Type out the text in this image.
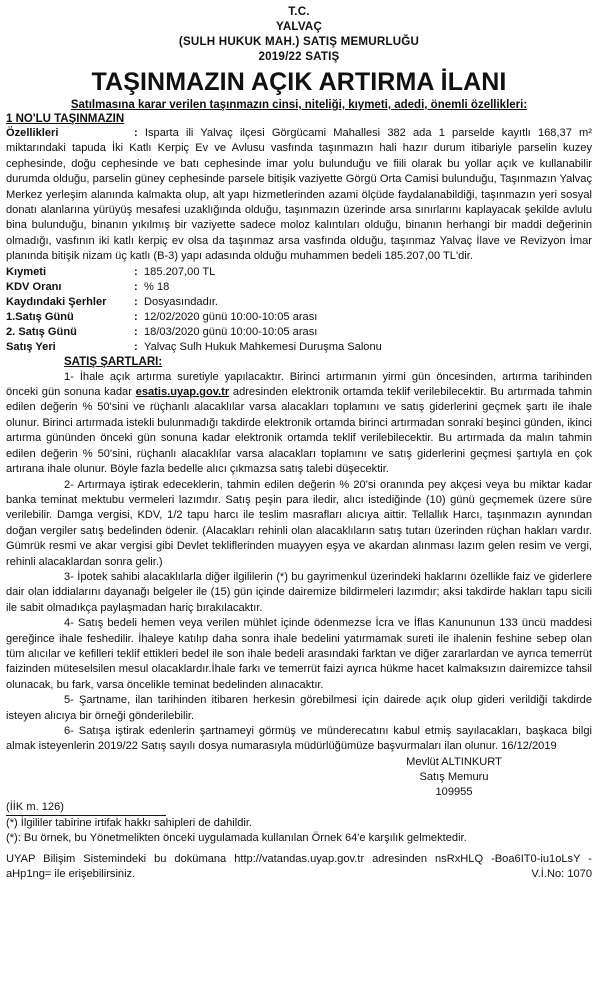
T.C.
YALVAÇ
(SULH HUKUK MAH.) SATIŞ MEMURLUĞU
2019/22 SATIŞ
TAŞINMAZIN AÇIK ARTIRMA İLANI
Satılmasına karar verilen taşınmazın cinsi, niteliği, kıymeti, adedi, önemli özellikleri:
1 NO'LU TAŞINMAZIN
Özellikleri	: Isparta ili Yalvaç ilçesi Görgücami Mahallesi 382 ada 1 parselde kayıtlı 168,37 m² miktarındaki tapuda İki Katlı Kerpiç Ev ve Avlusu vasfında taşınmazın hali hazır durum itibariyle parselin kuzey cephesinde, doğu cephesinde ve batı cephesinde imar yolu bulunduğu ve fiili olarak bu yollar açık ve kullanabilir durumda olduğu, parselin güney cephesinde parsele bitişik vaziyette Görgü Orta Camisi bulunduğu, Taşınmazın Yalvaç Merkez yerleşim alanında kalmakta olup, alt yapı hizmetlerinden azami ölçüde faydalanabildiği, taşınmazın yeri sosyal donatı alanlarına yürüyüş mesafesi uzaklığında olduğu, taşınmazın üzerinde arsa sınırlarını kaplayacak şekilde avlulu bina bulunduğu, binanın yıkılmış bir vaziyette sadece moloz kalıntıları olduğu, binanın herhangi bir maddi değerinin olmadığı, vasfının iki katlı kerpiç ev olsa da taşınmaz arsa vasfında olduğu, taşınmaz Yalvaç İlave ve Revizyon İmar planında bitişik nizam üç katlı (B-3) yapı adasında olduğu muhammen bedeli 185.207,00 TL'dir.
Kıymeti	: 185.207,00 TL
KDV Oranı	: % 18
Kaydındaki Şerhler	: Dosyasındadır.
1.Satış Günü	: 12/02/2020 günü 10:00-10:05 arası
2. Satış Günü	: 18/03/2020 günü 10:00-10:05 arası
Satış Yeri	: Yalvaç Sulh Hukuk Mahkemesi Duruşma Salonu
SATIŞ ŞARTLARI:
1- İhale açık artırma suretiyle yapılacaktır. Birinci artırmanın yirmi gün öncesinden, artırma tarihinden önceki gün sonuna kadar esatis.uyap.gov.tr adresinden elektronik ortamda teklif verilebilecektir. Bu artırmada tahmin edilen değerin % 50'sini ve rüçhanlı alacaklılar varsa alacakları toplamını ve satış giderlerini geçmek şartı ile ihale olunur. Birinci artırmada istekli bulunmadığı takdirde elektronik ortamda birinci artırmadan sonraki beşinci günden, ikinci artırma gününden önceki gün sonuna kadar elektronik ortamda teklif verilebilecektir. Bu artırmada da malın tahmin edilen değerin % 50'sini, rüçhanlı alacaklılar varsa alacakları toplamını ve satış giderlerini geçmesi şartıyla en çok artırana ihale olunur. Böyle fazla bedelle alıcı çıkmazsa satış talebi düşecektir.
2- Artırmaya iştirak edeceklerin, tahmin edilen değerin % 20'si oranında pey akçesi veya bu miktar kadar banka teminat mektubu vermeleri lazımdır. Satış peşin para iledir, alıcı istediğinde (10) günü geçmemek üzere süre verilebilir. Damga vergisi, KDV, 1/2 tapu harcı ile teslim masrafları alıcıya aittir. Tellallık Harcı, taşınmazın aynından doğan vergiler satış bedelinden ödenir. (Alacakları rehinli olan alacaklıların satış tutarı üzerinden rüçhan hakları vardır. Gümrük resmi ve akar vergisi gibi Devlet tekliflerinden muayyen eşya ve akardan alınması lazım gelen resim ve vergi, rehinli alacaklardan sonra gelir.)
3- İpotek sahibi alacaklılarla diğer ilgililerin (*) bu gayrimenkul üzerindeki haklarını özellikle faiz ve giderlere dair olan iddialarını dayanağı belgeler ile (15) gün içinde dairemize bildirmeleri lazımdır; aksi takdirde hakları tapu sicili ile sabit olmadıkça paylaşmadan hariç bırakılacaktır.
4- Satış bedeli hemen veya verilen mühlet içinde ödenmezse İcra ve İflas Kanununun 133 üncü maddesi gereğince ihale feshedilir. İhaleye katılıp daha sonra ihale bedelini yatırmamak sureti ile ihalenin feshine sebep olan tüm alıcılar ve kefilleri teklif ettikleri bedel ile son ihale bedeli arasındaki farktan ve diğer zararlardan ve ayrıca temerrüt faizinden müteselsilen mesul olacaklardır.İhale farkı ve temerrüt faizi ayrıca hükme hacet kalmaksızın dairemizce tahsil olunacak, bu fark, varsa öncelikle teminat bedelinden alınacaktır.
5- Şartname, ilan tarihinden itibaren herkesin görebilmesi için dairede açık olup gideri verildiği takdirde isteyen alıcıya bir örneği gönderilebilir.
6- Satışa iştirak edenlerin şartnameyi görmüş ve münderecatını kabul etmiş sayılacakları, başkaca bilgi almak isteyenlerin 2019/22 Satış sayılı dosya numarasıyla müdürlüğümüze başvurmaları ilan olunur. 16/12/2019
Mevlüt ALTINKURT
Satış Memuru
109955
(İİK m. 126)
(*) İlgililer tabirine irtifak hakkı sahipleri de dahildir.
(*): Bu örnek, bu Yönetmelikten önceki uygulamada kullanılan Örnek 64'e karşılık gelmektedir.
UYAP Bilişim Sistemindeki bu dokümana http://vatandas.uyap.gov.tr adresinden nsRxHLQ -Boa6IT0-iu1oLsY - aHp1ng= ile erişebilirsiniz.	V.İ.No: 1070
